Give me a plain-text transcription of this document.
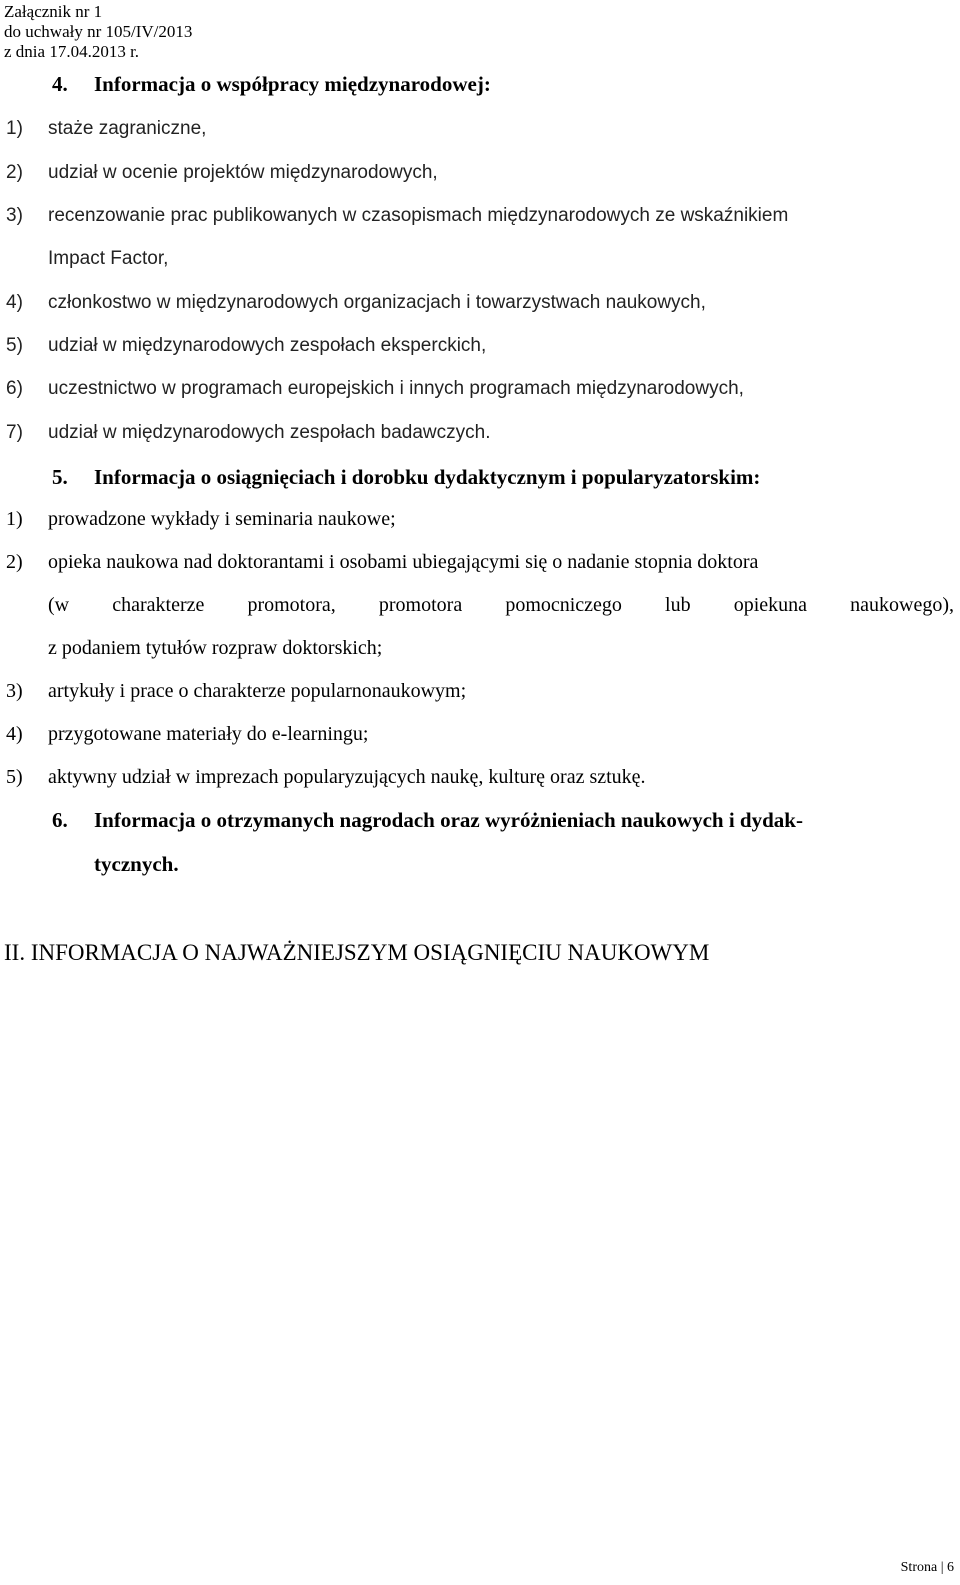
Załącznik nr 1
do uchwały nr 105/IV/2013
z dnia 17.04.2013 r.
4. Informacja o współpracy międzynarodowej:
1) staże zagraniczne,
2) udział w ocenie projektów międzynarodowych,
3) recenzowanie prac publikowanych w czasopismach międzynarodowych ze wskaźnikiem
Impact Factor,
4) członkostwo w międzynarodowych organizacjach i towarzystwach naukowych,
5) udział w międzynarodowych zespołach eksperckich,
6) uczestnictwo w programach europejskich i innych programach międzynarodowych,
7) udział w międzynarodowych zespołach badawczych.
5. Informacja o osiągnięciach i dorobku dydaktycznym i popularyzatorskim:
1) prowadzone wykłady i seminaria naukowe;
2) opieka naukowa nad doktorantami i osobami ubiegającymi się o nadanie stopnia doktora
(w charakterze promotora, promotora pomocniczego lub opiekuna naukowego),
z podaniem tytułów rozpraw doktorskich;
3) artykuły i prace o charakterze popularnonaukowym;
4) przygotowane materiały do e-learningu;
5) aktywny udział w imprezach popularyzujących naukę, kulturę oraz sztukę.
6. Informacja o otrzymanych nagrodach oraz wyróżnieniach naukowych i dydak-
tycznych.
II. INFORMACJA O NAJWAŻNIEJSZYM OSIĄGNIĘCIU NAUKOWYM
Strona | 6
